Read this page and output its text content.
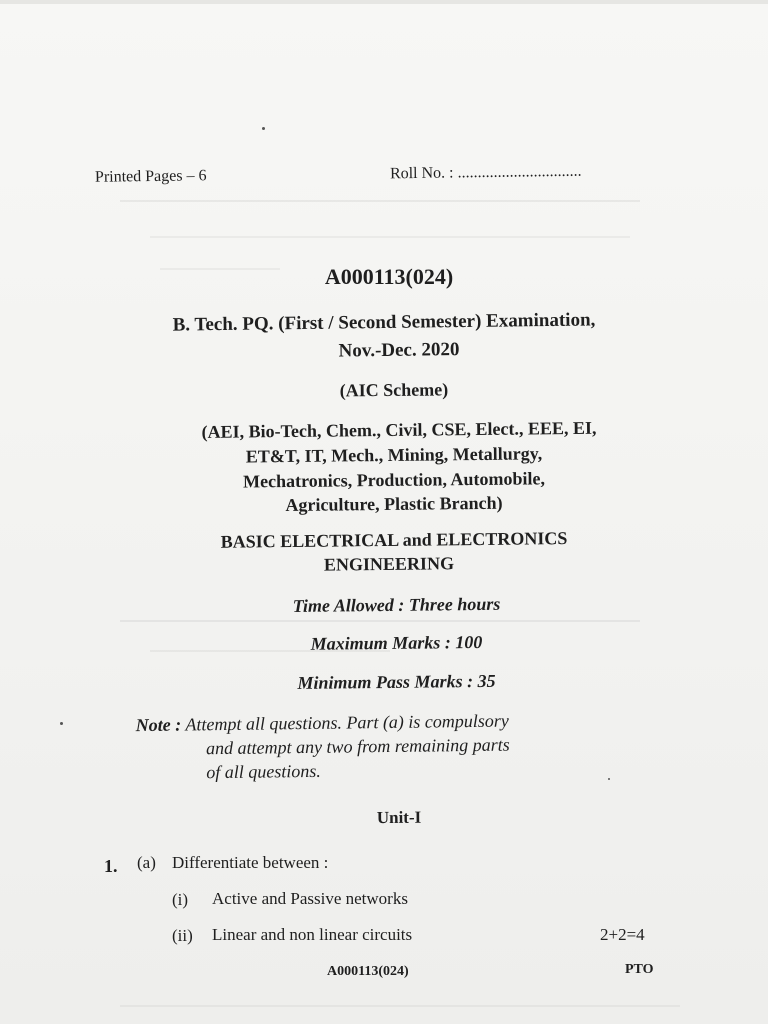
Printed Pages – 6	Roll No. : ...............................
A000113(024)
B. Tech. PQ. (First / Second Semester) Examination,
Nov.-Dec. 2020
(AIC Scheme)
(AEI, Bio-Tech, Chem., Civil, CSE, Elect., EEE, EI,
ET&T, IT, Mech., Mining, Metallurgy,
Mechatronics, Production, Automobile,
Agriculture, Plastic Branch)
BASIC ELECTRICAL and ELECTRONICS
ENGINEERING
Time Allowed : Three hours
Maximum Marks : 100
Minimum Pass Marks : 35
Note : Attempt all questions. Part (a) is compulsory
and attempt any two from remaining parts
of all questions.
Unit-I
1. (a) Differentiate between :
(i) Active and Passive networks
(ii) Linear and non linear circuits	2+2=4
A000113(024)	PTO
